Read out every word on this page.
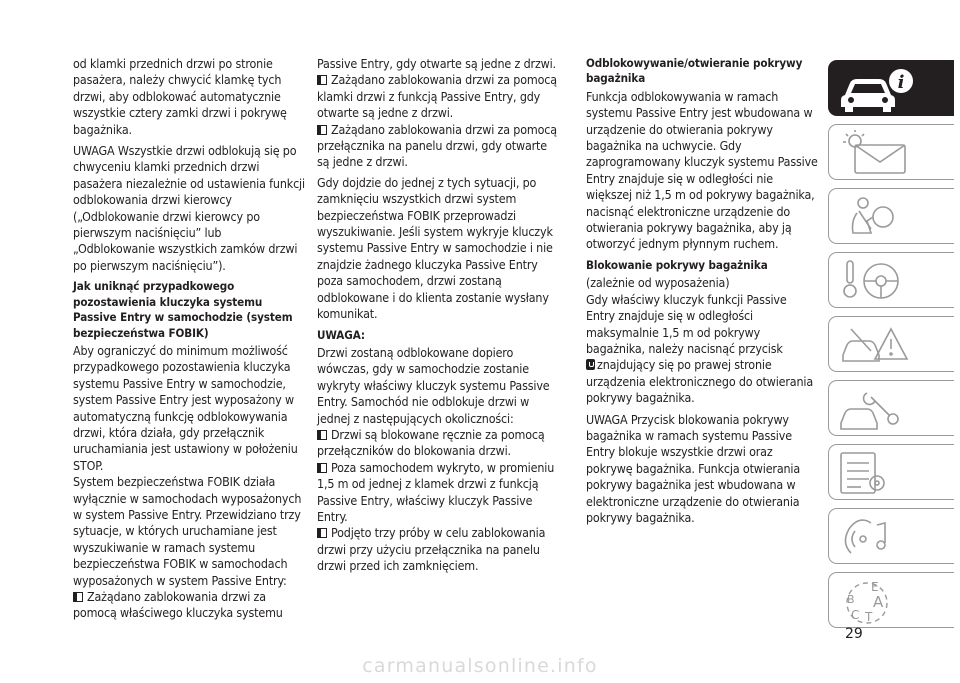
od klamki przednich drzwi po stronie pasażera, należy chwycić klamkę tych drzwi, aby odblokować automatycznie wszystkie cztery zamki drzwi i pokrywę bagażnika.

UWAGA Wszystkie drzwi odblokują się po chwyceniu klamki przednich drzwi pasażera niezależnie od ustawienia funkcji odblokowania drzwi kierowcy („Odblokowanie drzwi kierowcy po pierwszym naciśnięciu” lub „Odblokowanie wszystkich zamków drzwi po pierwszym naciśnięciu”).

Jak uniknąć przypadkowego pozostawienia kluczyka systemu Passive Entry w samochodzie (system bezpieczeństwa FOBIK)

Aby ograniczyć do minimum możliwość przypadkowego pozostawienia kluczyka systemu Passive Entry w samochodzie, system Passive Entry jest wyposażony w automatyczną funkcję odblokowywania drzwi, która działa, gdy przełącznik uruchamiania jest ustawiony w położeniu STOP.

System bezpieczeństwa FOBIK działa wyłącznie w samochodach wyposażonych w system Passive Entry. Przewidziano trzy sytuacje, w których uruchamiane jest wyszukiwanie w ramach systemu bezpieczeństwa FOBIK w samochodach wyposażonych w system Passive Entry:

Zażądano zablokowania drzwi za pomocą właściwego kluczyka systemu

Passive Entry, gdy otwarte są jedne z drzwi.

Zażądano zablokowania drzwi za pomocą klamki drzwi z funkcją Passive Entry, gdy otwarte są jedne z drzwi.

Zażądano zablokowania drzwi za pomocą przełącznika na panelu drzwi, gdy otwarte są jedne z drzwi.

Gdy dojdzie do jednej z tych sytuacji, po zamknięciu wszystkich drzwi system bezpieczeństwa FOBIK przeprowadzi wyszukiwanie. Jeśli system wykryje kluczyk systemu Passive Entry w samochodzie i nie znajdzie żadnego kluczyka Passive Entry poza samochodem, drzwi zostaną odblokowane i do klienta zostanie wysłany komunikat.

UWAGA:

Drzwi zostaną odblokowane dopiero wówczas, gdy w samochodzie zostanie wykryty właściwy kluczyk systemu Passive Entry. Samochód nie odblokuje drzwi w jednej z następujących okoliczności:

Drzwi są blokowane ręcznie za pomocą przełączników do blokowania drzwi.

Poza samochodem wykryto, w promieniu 1,5 m od jednej z klamek drzwi z funkcją Passive Entry, właściwy kluczyk Passive Entry.

Podjęto trzy próby w celu zablokowania drzwi przy użyciu przełącznika na panelu drzwi przed ich zamknięciem.

Odblokowywanie/otwieranie pokrywy bagażnika

Funkcja odblokowywania w ramach systemu Passive Entry jest wbudowana w urządzenie do otwierania pokrywy bagażnika na uchwycie. Gdy zaprogramowany kluczyk systemu Passive Entry znajduje się w odległości nie większej niż 1,5 m od pokrywy bagażnika, nacisnąć elektroniczne urządzenie do otwierania pokrywy bagażnika, aby ją otworzyć jednym płynnym ruchem.

Blokowanie pokrywy bagażnika

(zależnie od wyposażenia)

Gdy właściwy kluczyk funkcji Passive Entry znajduje się w odległości maksymalnie 1,5 m od pokrywy bagażnika, należy nacisnąć przycisk
znajdujący się po prawej stronie urządzenia elektronicznego do otwierania pokrywy bagażnika.

UWAGA Przycisk blokowania pokrywy bagażnika w ramach systemu Passive Entry blokuje wszystkie drzwi oraz pokrywę bagażnika. Funkcja otwierania pokrywy bagażnika jest wbudowana w elektroniczne urządzenie do otwierania pokrywy bagażnika.

i
E
A
B
C T
29
carmanualsonline.info
